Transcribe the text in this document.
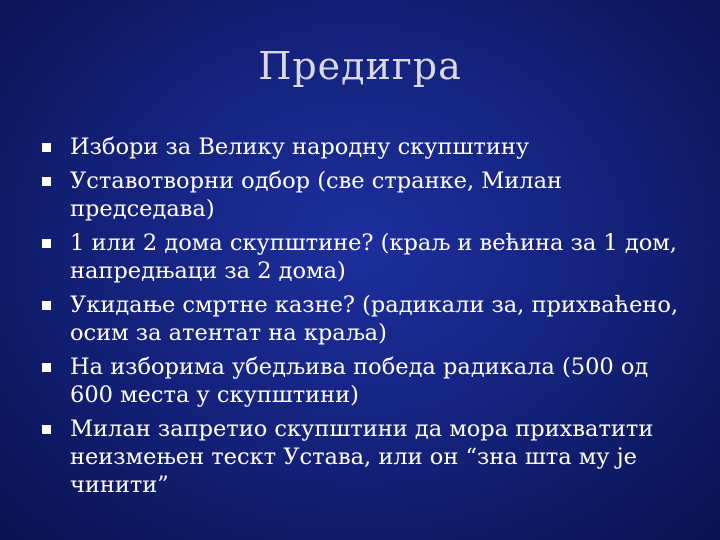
Предигра
Избори за Велику народну скупштину
Уставотворни одбор (све странке, Милан председава)
1 или 2 дома скупштине? (краљ и већина за 1 дом, напредњаци за 2 дома)
Укидање смртне казне? (радикали за, прихваћено, осим за атентат на краља)
На изборима убедљива победа радикала (500 од 600 места у скупштини)
Милан запретио скупштини да мора прихватити неизмењен тескт Устава, или он “зна шта му је чинити”
